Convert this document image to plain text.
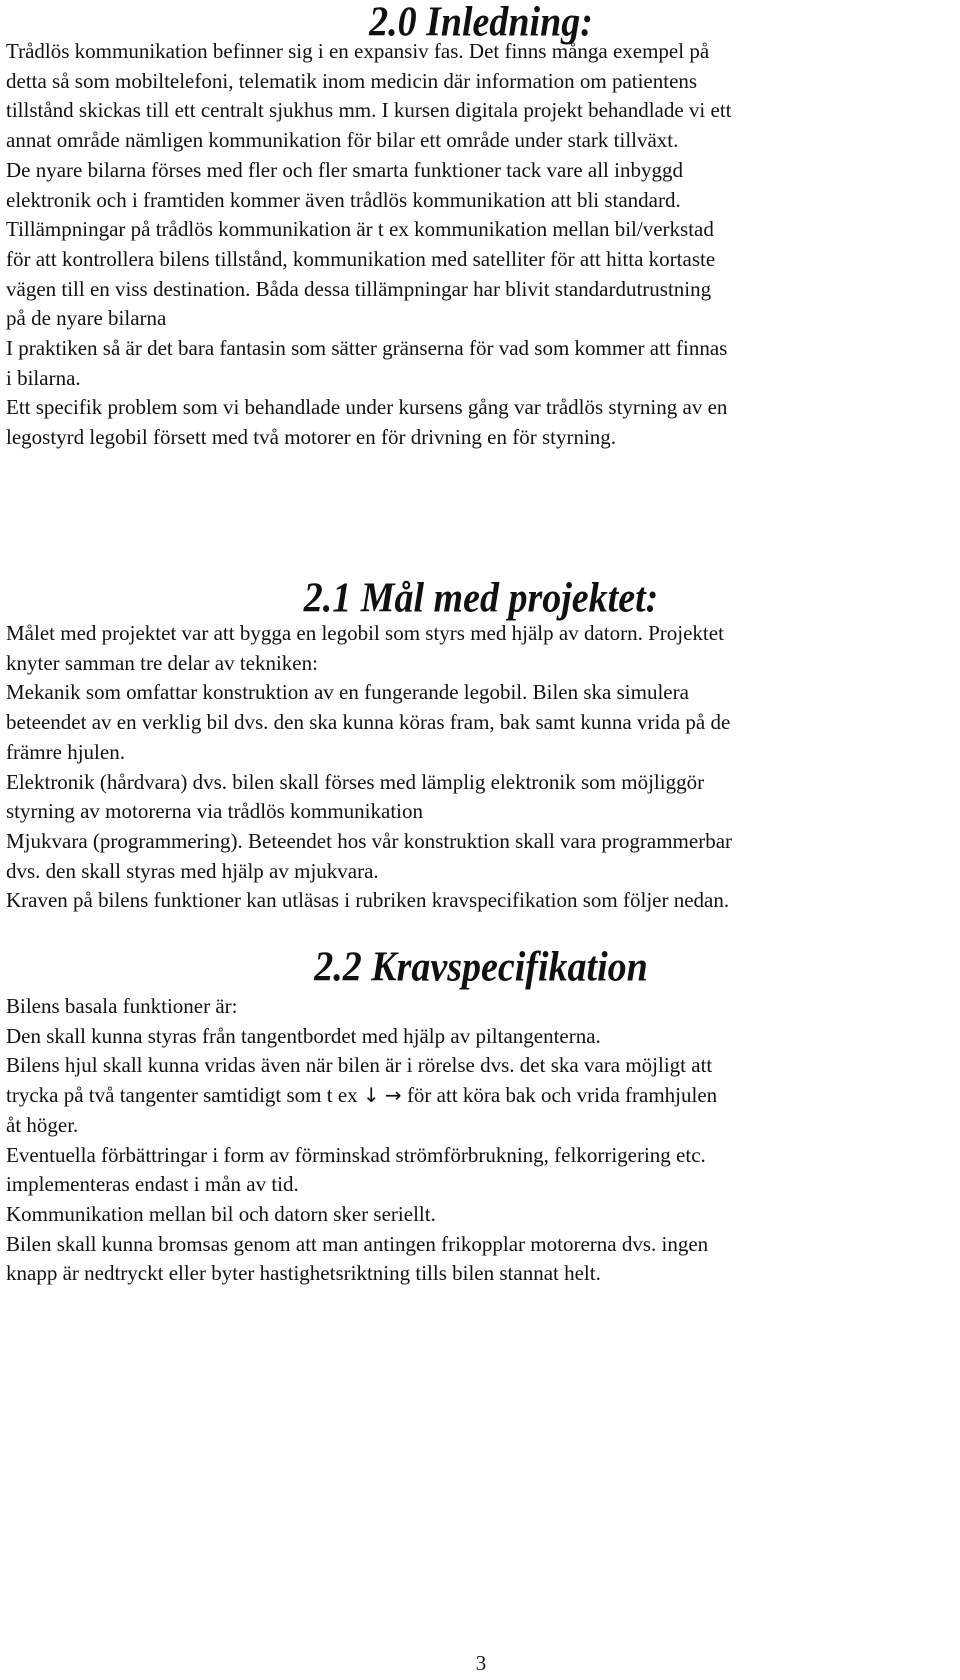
2.0 Inledning:
Trådlös kommunikation befinner sig i en expansiv fas. Det finns många exempel på
detta så som mobiltelefoni, telematik inom medicin där information om patientens
tillstånd skickas till ett centralt sjukhus mm. I kursen digitala projekt behandlade vi ett
annat område nämligen kommunikation för bilar ett område under stark tillväxt.
De nyare bilarna förses med fler och fler smarta funktioner tack vare all inbyggd
elektronik och i framtiden kommer även trådlös kommunikation att bli standard.
Tillämpningar på trådlös kommunikation är t ex kommunikation mellan bil/verkstad
för att kontrollera bilens tillstånd, kommunikation med satelliter för att hitta kortaste
vägen till en viss destination. Båda dessa tillämpningar har blivit standardutrustning
på de nyare bilarna
I praktiken så är det bara fantasin som sätter gränserna för vad som kommer att finnas
i bilarna.
Ett specifik problem som vi behandlade under kursens gång var trådlös styrning av en
legostyrd legobil försett med två motorer en för drivning en för styrning.
2.1 Mål med projektet:
Målet med projektet var att bygga en legobil som styrs med hjälp av datorn. Projektet
knyter samman tre delar av tekniken:
Mekanik som omfattar konstruktion av en fungerande legobil. Bilen ska simulera
beteendet av en verklig bil dvs. den ska kunna köras fram, bak samt kunna vrida på de
främre hjulen.
Elektronik (hårdvara) dvs. bilen skall förses med lämplig elektronik som möjliggör
styrning av motorerna via trådlös kommunikation
Mjukvara (programmering). Beteendet hos vår konstruktion skall vara programmerbar
dvs. den skall styras med hjälp av mjukvara.
Kraven på bilens funktioner kan utläsas i rubriken kravspecifikation som följer nedan.
2.2 Kravspecifikation
Bilens basala funktioner är:
Den skall kunna styras från tangentbordet med hjälp av piltangenterna.
Bilens hjul skall kunna vridas även när bilen är i rörelse dvs. det ska vara möjligt att
trycka på två tangenter samtidigt som t ex ↓ → för att köra bak och vrida framhjulen
åt höger.
Eventuella förbättringar i form av förminskad strömförbrukning, felkorrigering etc.
implementeras endast i mån av tid.
Kommunikation mellan bil och datorn sker seriellt.
Bilen skall kunna bromsas genom att man antingen frikopplar motorerna dvs. ingen
knapp är nedtryckt eller byter hastighetsriktning tills bilen stannat helt.
3
